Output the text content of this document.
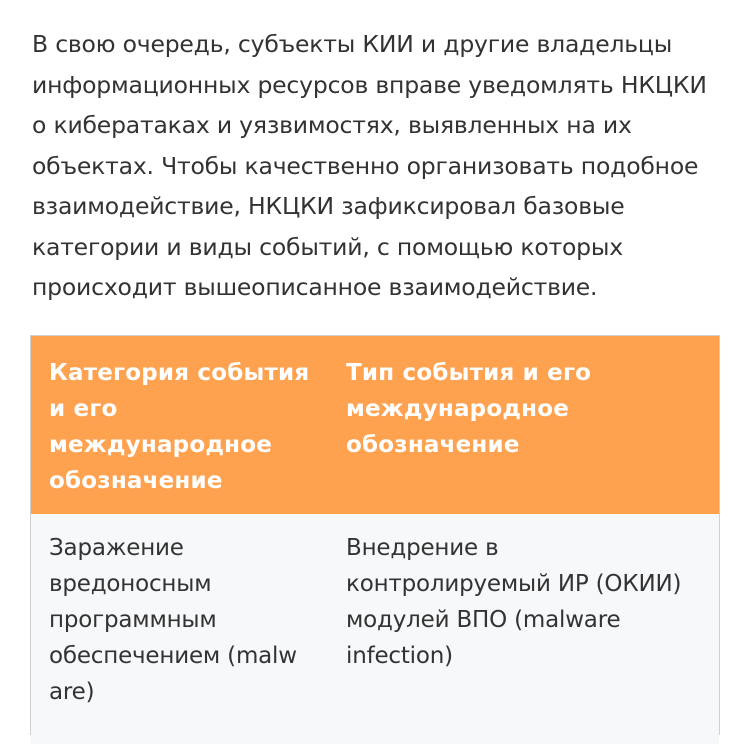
В свою очередь, субъекты КИИ и другие владельцы
информационных ресурсов вправе уведомлять НКЦКИ
о кибератаках и уязвимостях, выявленных на их
объектах. Чтобы качественно организовать подобное
взаимодействие, НКЦКИ зафиксировал базовые
категории и виды событий, с помощью которых
происходит вышеописанное взаимодействие.

Категория события
и его
международное
обозначение
Тип события и его
международное
обозначение
Заражение
вредоносным
программным
обеспечением (malw
are)
Внедрение в
контролируемый ИР (ОКИИ)
модулей ВПО (malware
infection)
